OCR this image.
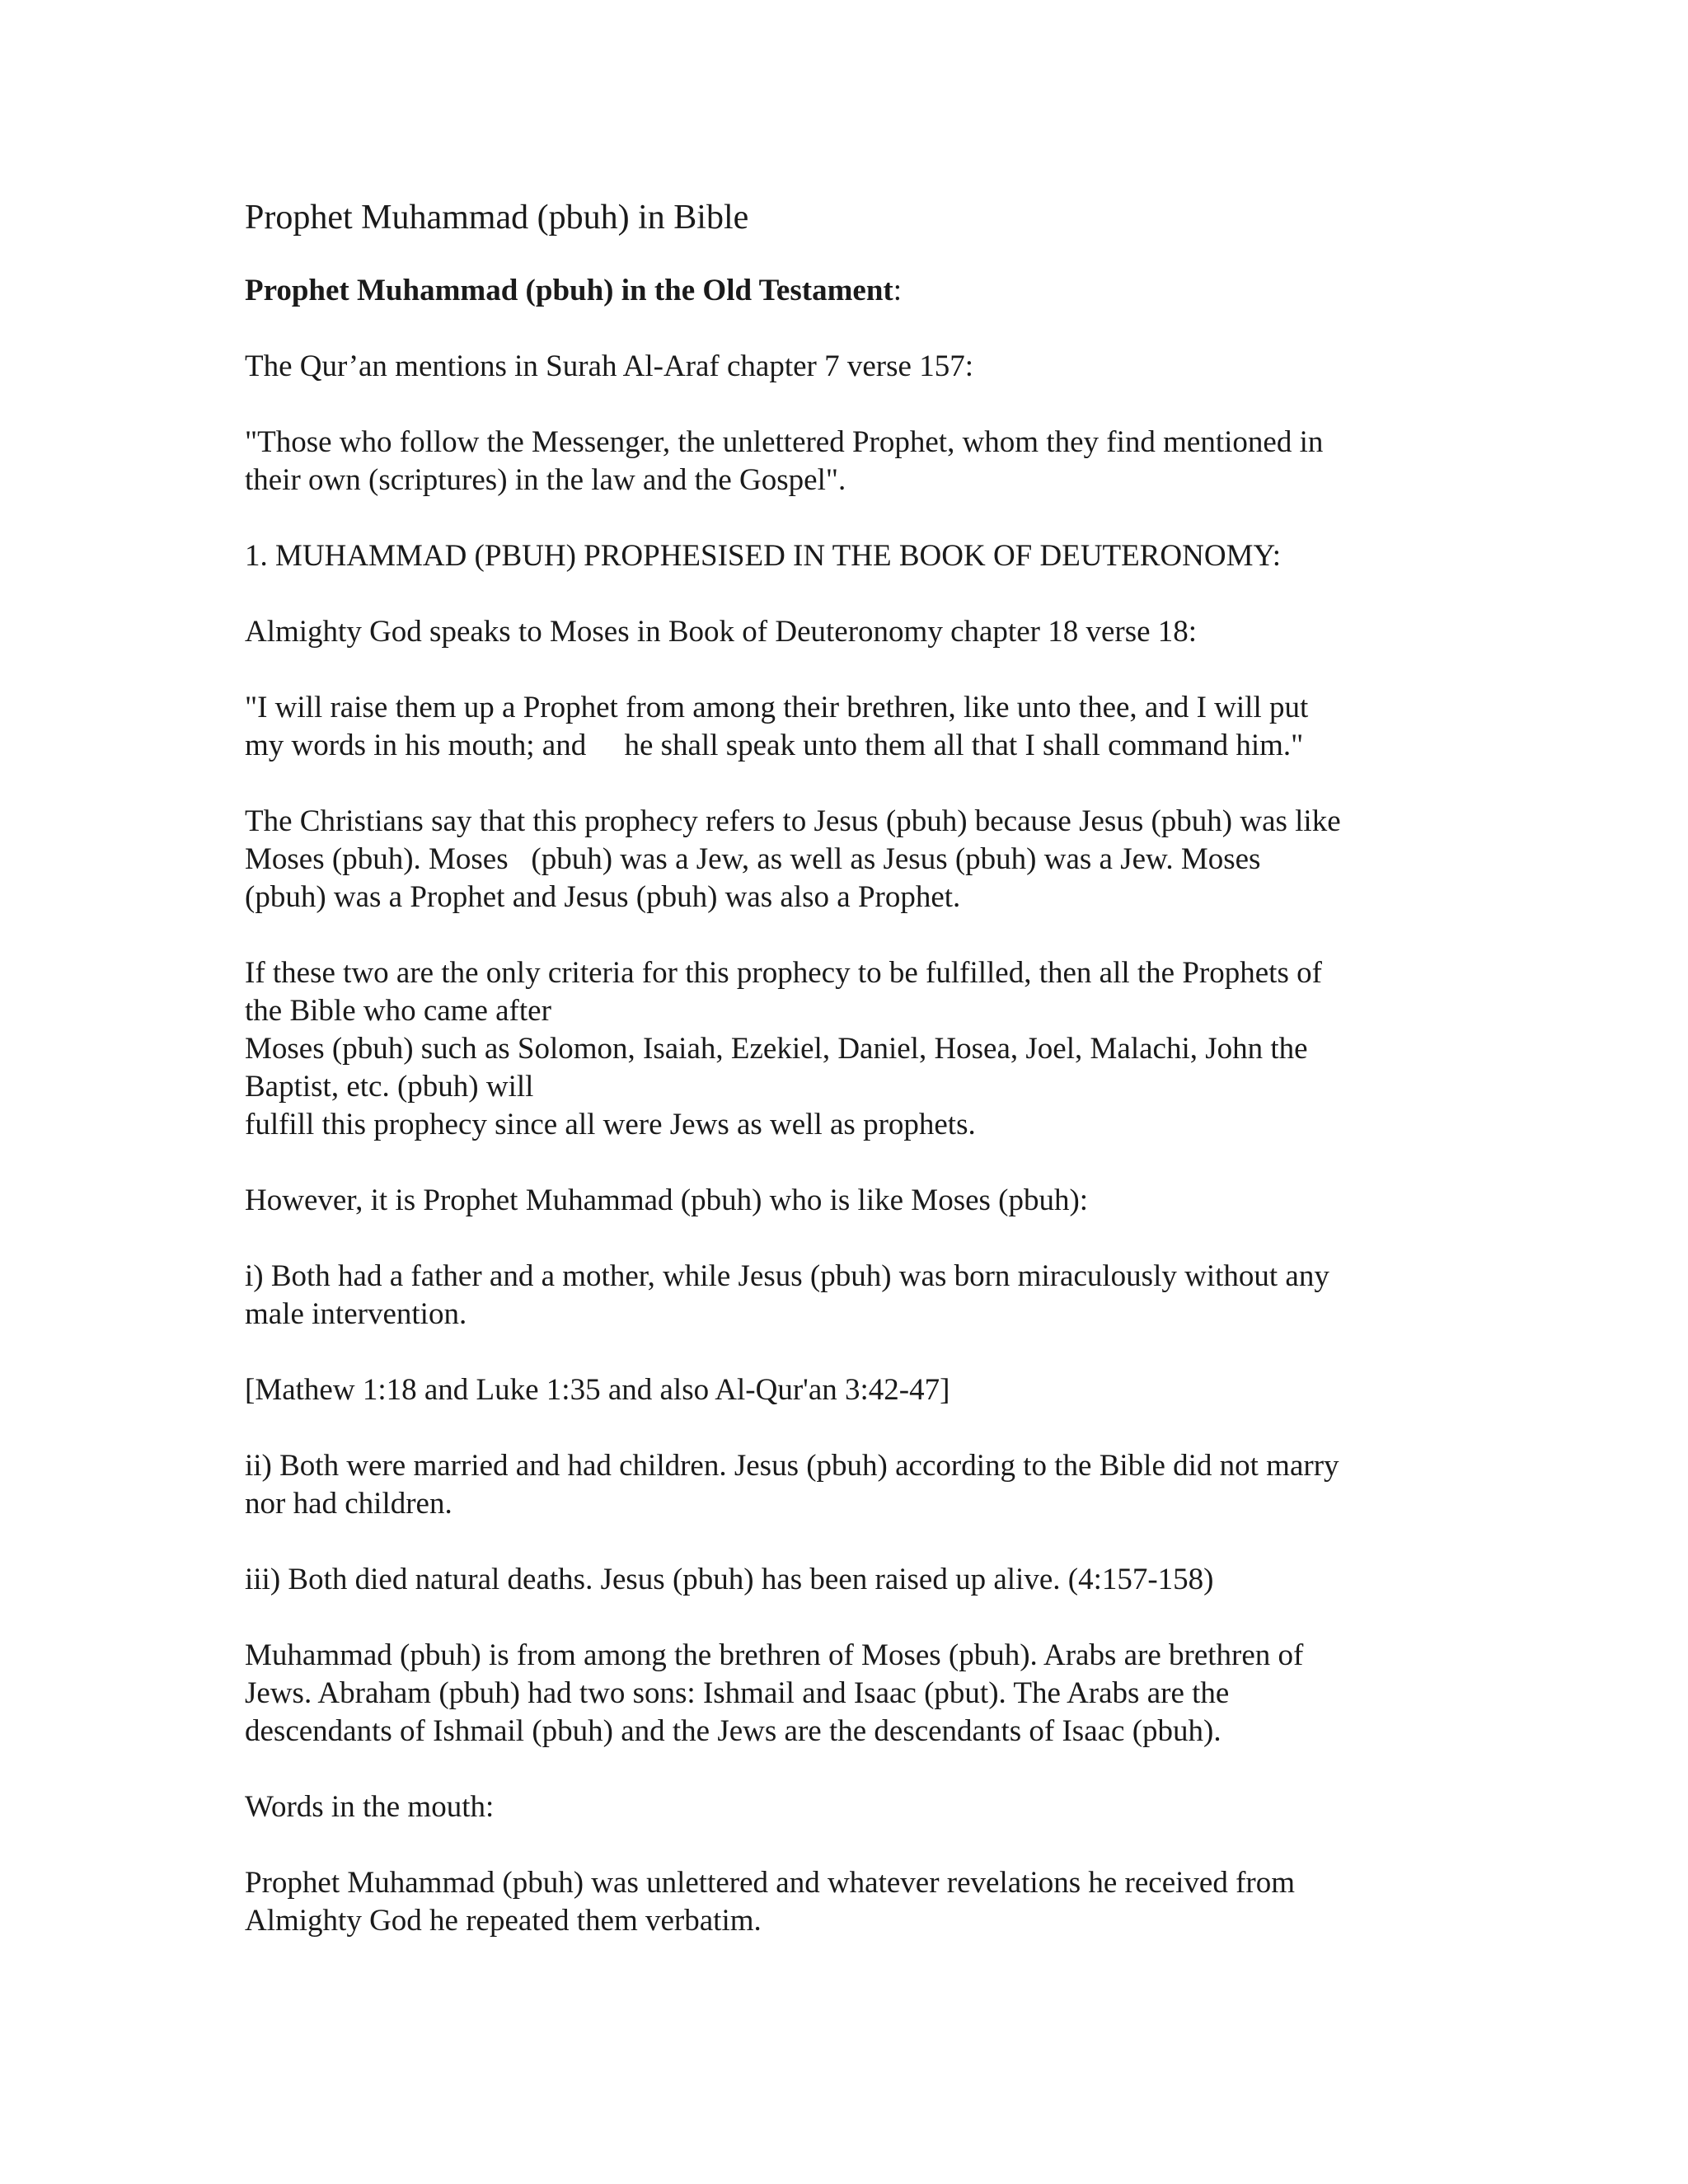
Prophet Muhammad (pbuh) in Bible
Prophet Muhammad (pbuh) in the Old Testament:

The Qur’an mentions in Surah Al-Araf chapter 7 verse 157:

"Those who follow the Messenger, the unlettered Prophet, whom they find mentioned in
their own (scriptures) in the law and the Gospel".

1. MUHAMMAD (PBUH) PROPHESISED IN THE BOOK OF DEUTERONOMY:

Almighty God speaks to Moses in Book of Deuteronomy chapter 18 verse 18:

"I will raise them up a Prophet from among their brethren, like unto thee, and I will put
my words in his mouth; and     he shall speak unto them all that I shall command him."

The Christians say that this prophecy refers to Jesus (pbuh) because Jesus (pbuh) was like
Moses (pbuh). Moses   (pbuh) was a Jew, as well as Jesus (pbuh) was a Jew. Moses
(pbuh) was a Prophet and Jesus (pbuh) was also a Prophet.

If these two are the only criteria for this prophecy to be fulfilled, then all the Prophets of
the Bible who came after
Moses (pbuh) such as Solomon, Isaiah, Ezekiel, Daniel, Hosea, Joel, Malachi, John the
Baptist, etc. (pbuh) will
fulfill this prophecy since all were Jews as well as prophets.

However, it is Prophet Muhammad (pbuh) who is like Moses (pbuh):

i) Both had a father and a mother, while Jesus (pbuh) was born miraculously without any
male intervention.

[Mathew 1:18 and Luke 1:35 and also Al-Qur'an 3:42-47]

ii) Both were married and had children. Jesus (pbuh) according to the Bible did not marry
nor had children.

iii) Both died natural deaths. Jesus (pbuh) has been raised up alive. (4:157-158)

Muhammad (pbuh) is from among the brethren of Moses (pbuh). Arabs are brethren of
Jews. Abraham (pbuh) had two sons: Ishmail and Isaac (pbut). The Arabs are the
descendants of Ishmail (pbuh) and the Jews are the descendants of Isaac (pbuh).

Words in the mouth:

Prophet Muhammad (pbuh) was unlettered and whatever revelations he received from
Almighty God he repeated them verbatim.
